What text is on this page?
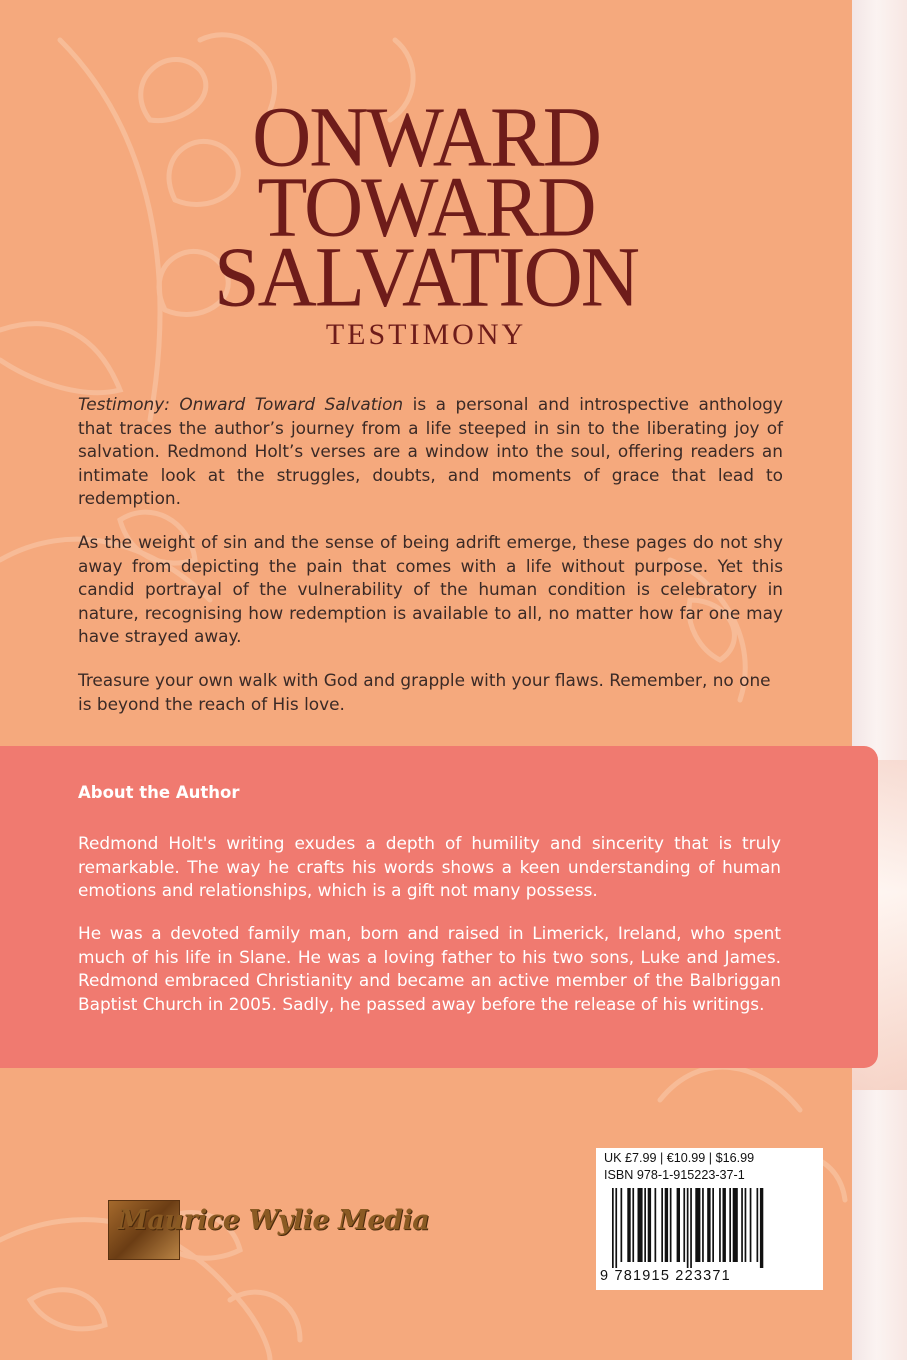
ONWARD
TOWARD
SALVATION
TESTIMONY

Testimony: Onward Toward Salvation is a personal and introspective anthology that traces the author’s journey from a life steeped in sin to the liberating joy of salvation. Redmond Holt’s verses are a window into the soul, offering readers an intimate look at the struggles, doubts, and moments of grace that lead to redemption.

As the weight of sin and the sense of being adrift emerge, these pages do not shy away from depicting the pain that comes with a life without purpose. Yet this candid portrayal of the vulnerability of the human condition is celebratory in nature, recognising how redemption is available to all, no matter how far one may have strayed away.

Treasure your own walk with God and grapple with your flaws. Remember, no one is beyond the reach of His love.

About the Author

Redmond Holt's writing exudes a depth of humility and sincerity that is truly remarkable. The way he crafts his words shows a keen understanding of human emotions and relationships, which is a gift not many possess.

He was a devoted family man, born and raised in Limerick, Ireland, who spent much of his life in Slane. He was a loving father to his two sons, Luke and James. Redmond embraced Christianity and became an active member of the Balbriggan Baptist Church in 2005. Sadly, he passed away before the release of his writings.

Maurice Wylie Media

UK £7.99 | €10.99 | $16.99

ISBN 978-1-915223-37-1

9 781915 223371
